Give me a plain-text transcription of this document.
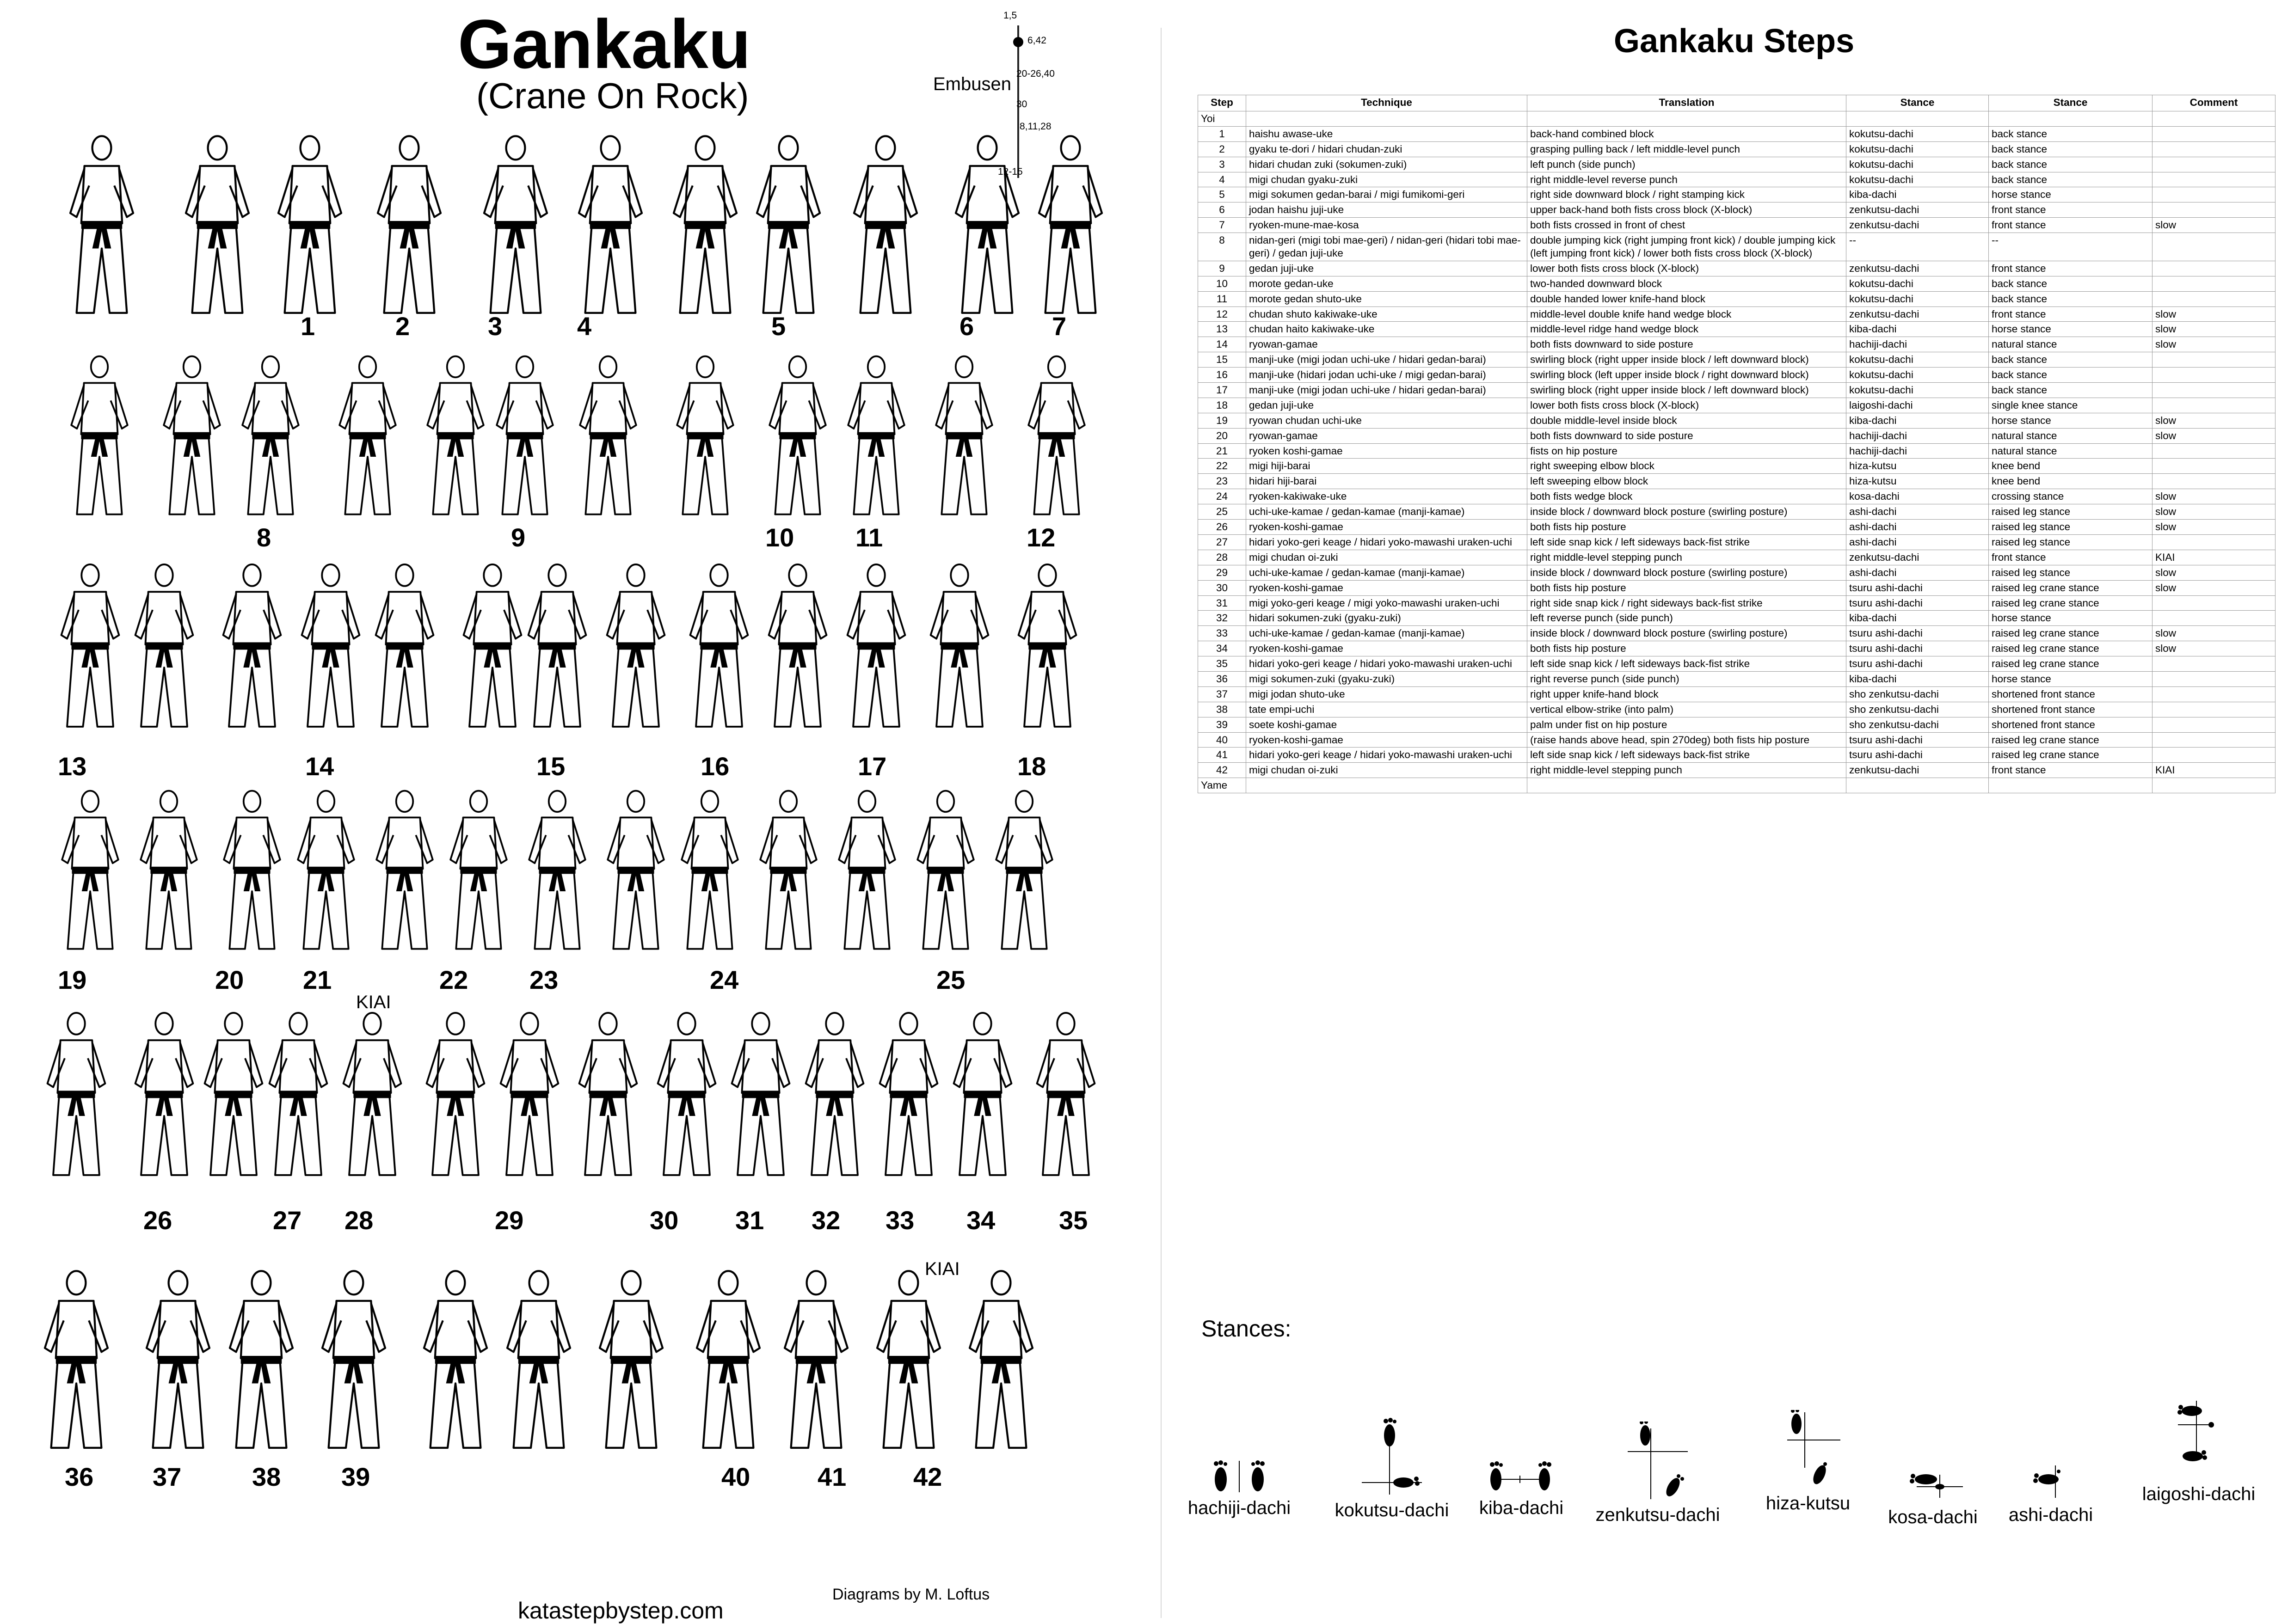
Gankaku
(Crane On Rock)	Embusen
1,5
6,42
20-26,40
30
8,11,28
12-15
1	2	3	4	5	6	7
8	9	10 11	12
13	14	15	16	17	18
19	20 21	22 23	24	25
26	27 28	29	30 31 32 33 34 35
36 37	38 39	40	41	42
KIAI
KIAI
katastepbystep.com
Diagrams by M. Loftus
Gankaku Steps
Step	Technique	Translation	Stance	Stance	Comment
Yoi					
1	haishu awase-uke	back-hand combined block	kokutsu-dachi	back stance	
2	gyaku te-dori / hidari chudan-zuki	grasping pulling back / left middle-level punch	kokutsu-dachi	back stance	
3	hidari chudan zuki (sokumen-zuki)	left punch (side punch)	kokutsu-dachi	back stance	
4	migi chudan gyaku-zuki	right middle-level reverse punch	kokutsu-dachi	back stance	
5	migi sokumen gedan-barai / migi fumikomi-geri	right side downward block / right stamping kick	kiba-dachi	horse stance	
6	jodan haishu juji-uke	upper back-hand both fists cross block (X-block)	zenkutsu-dachi	front stance	
7	ryoken-mune-mae-kosa	both fists crossed in front of chest	zenkutsu-dachi	front stance	slow
8	nidan-geri (migi tobi mae-geri) / nidan-geri (hidari tobi mae-geri) / gedan juji-uke	double jumping kick (right jumping front kick) / double jumping kick (left jumping front kick) / lower both fists cross block (X-block)	--	--	
9	gedan juji-uke	lower both fists cross block (X-block)	zenkutsu-dachi	front stance	
10	morote gedan-uke	two-handed downward block	kokutsu-dachi	back stance	
11	morote gedan shuto-uke	double handed lower knife-hand block	kokutsu-dachi	back stance	
12	chudan shuto kakiwake-uke	middle-level double knife hand wedge block	zenkutsu-dachi	front stance	slow
13	chudan haito kakiwake-uke	middle-level ridge hand wedge block	kiba-dachi	horse stance	slow
14	ryowan-gamae	both fists downward to side posture	hachiji-dachi	natural stance	slow
15	manji-uke (migi jodan uchi-uke / hidari gedan-barai)	swirling block (right upper inside block / left downward block)	kokutsu-dachi	back stance	
16	manji-uke (hidari jodan uchi-uke / migi gedan-barai)	swirling block (left upper inside block / right downward block)	kokutsu-dachi	back stance	
17	manji-uke (migi jodan uchi-uke / hidari gedan-barai)	swirling block (right upper inside block / left downward block)	kokutsu-dachi	back stance	
18	gedan juji-uke	lower both fists cross block (X-block)	laigoshi-dachi	single knee stance	
19	ryowan chudan uchi-uke	double middle-level inside block	kiba-dachi	horse stance	slow
20	ryowan-gamae	both fists downward to side posture	hachiji-dachi	natural stance	slow
21	ryoken koshi-gamae	fists on hip posture	hachiji-dachi	natural stance	
22	migi hiji-barai	right sweeping elbow block	hiza-kutsu	knee bend	
23	hidari hiji-barai	left sweeping elbow block	hiza-kutsu	knee bend	
24	ryoken-kakiwake-uke	both fists wedge block	kosa-dachi	crossing stance	slow
25	uchi-uke-kamae / gedan-kamae (manji-kamae)	inside block / downward block posture (swirling posture)	ashi-dachi	raised leg stance	slow
26	ryoken-koshi-gamae	both fists hip posture	ashi-dachi	raised leg stance	slow
27	hidari yoko-geri keage / hidari yoko-mawashi uraken-uchi	left side snap kick / left sideways back-fist strike	ashi-dachi	raised leg stance	
28	migi chudan oi-zuki	right middle-level stepping punch	zenkutsu-dachi	front stance	KIAI
29	uchi-uke-kamae / gedan-kamae (manji-kamae)	inside block / downward block posture (swirling posture)	ashi-dachi	raised leg stance	slow
30	ryoken-koshi-gamae	both fists hip posture	tsuru ashi-dachi	raised leg crane stance	slow
31	migi yoko-geri keage / migi yoko-mawashi uraken-uchi	right side snap kick / right sideways back-fist strike	tsuru ashi-dachi	raised leg crane stance	
32	hidari sokumen-zuki (gyaku-zuki)	left reverse punch (side punch)	kiba-dachi	horse stance	
33	uchi-uke-kamae / gedan-kamae (manji-kamae)	inside block / downward block posture (swirling posture)	tsuru ashi-dachi	raised leg crane stance	slow
34	ryoken-koshi-gamae	both fists hip posture	tsuru ashi-dachi	raised leg crane stance	slow
35	hidari yoko-geri keage / hidari yoko-mawashi uraken-uchi	left side snap kick / left sideways back-fist strike	tsuru ashi-dachi	raised leg crane stance	
36	migi sokumen-zuki (gyaku-zuki)	right reverse punch (side punch)	kiba-dachi	horse stance	
37	migi jodan shuto-uke	right upper knife-hand block	sho zenkutsu-dachi	shortened front stance	
38	tate empi-uchi	vertical elbow-strike (into palm)	sho zenkutsu-dachi	shortened front stance	
39	soete koshi-gamae	palm under fist on hip posture	sho zenkutsu-dachi	shortened front stance	
40	ryoken-koshi-gamae	(raise hands above head, spin 270deg) both fists hip posture	tsuru ashi-dachi	raised leg crane stance	
41	hidari yoko-geri keage / hidari yoko-mawashi uraken-uchi	left side snap kick / left sideways back-fist strike	tsuru ashi-dachi	raised leg crane stance	
42	migi chudan oi-zuki	right middle-level stepping punch	zenkutsu-dachi	front stance	KIAI
Yame					
Stances:
hachiji-dachi	kokutsu-dachi	kiba-dachi	zenkutsu-dachi
hiza-kutsu
kosa-dachi	ashi-dachi
laigoshi-dachi
